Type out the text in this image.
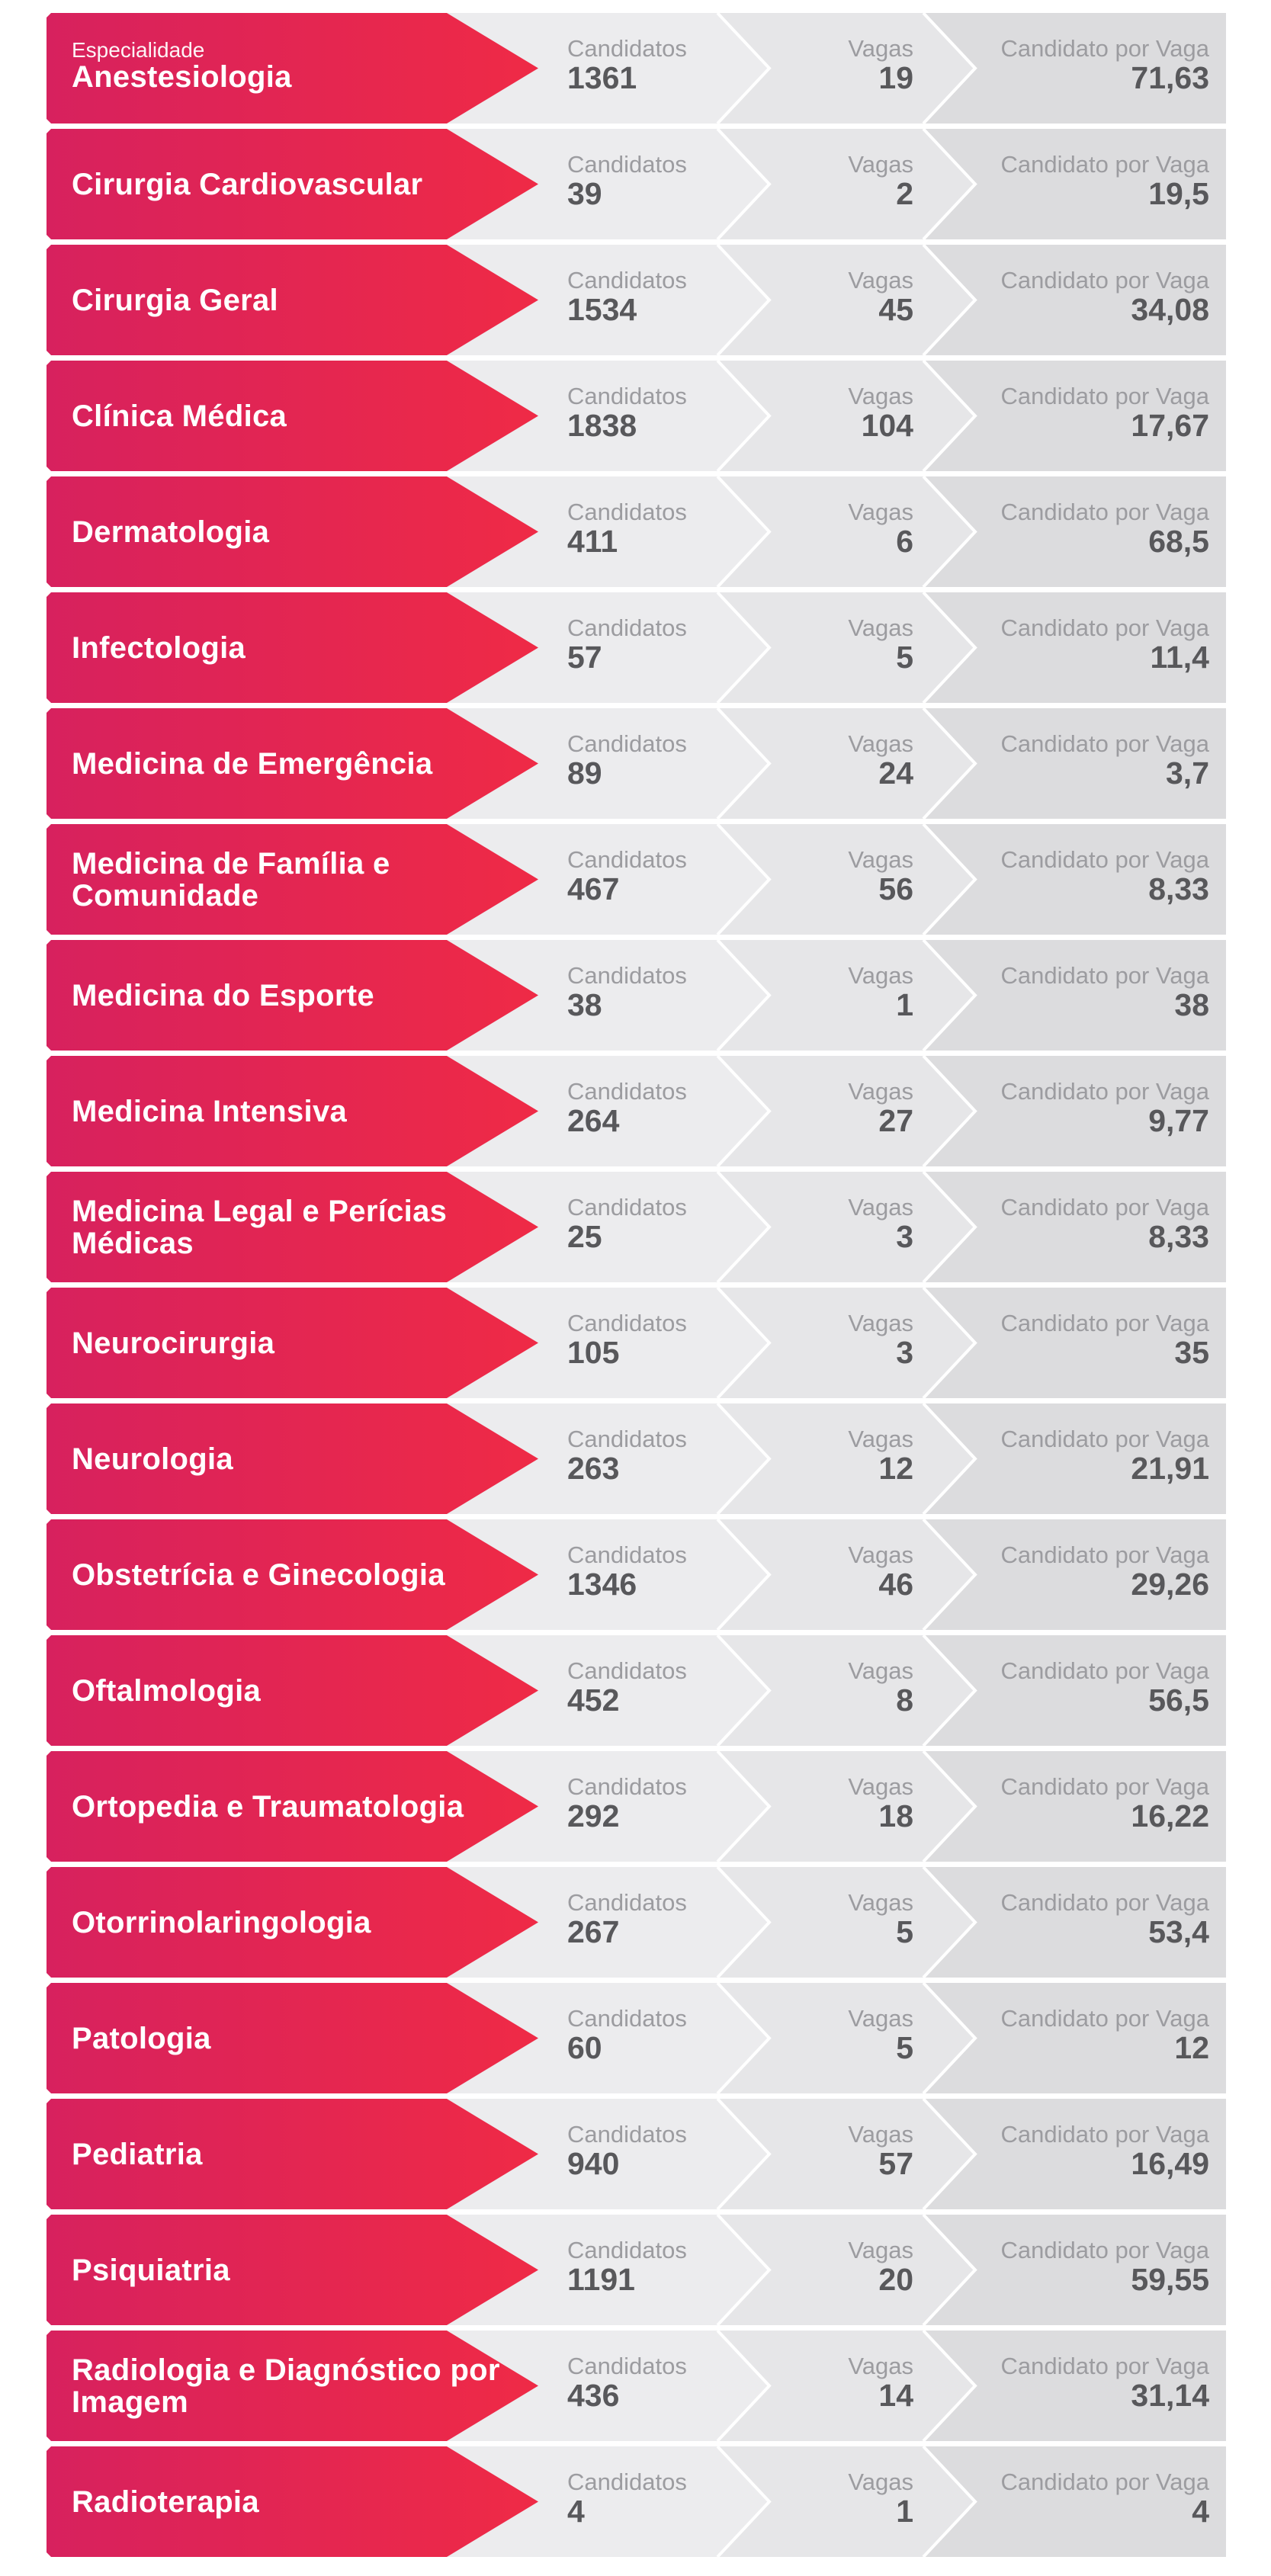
Especialidade
Anestesiologia
Candidatos
1361
Vagas
19
Candidato por Vaga
71,63
Cirurgia Cardiovascular
Candidatos
39
Vagas
2
Candidato por Vaga
19,5
Cirurgia Geral
Candidatos
1534
Vagas
45
Candidato por Vaga
34,08
Clínica Médica
Candidatos
1838
Vagas
104
Candidato por Vaga
17,67
Dermatologia
Candidatos
411
Vagas
6
Candidato por Vaga
68,5
Infectologia
Candidatos
57
Vagas
5
Candidato por Vaga
11,4
Medicina de Emergência
Candidatos
89
Vagas
24
Candidato por Vaga
3,7
Medicina de Família e Comunidade
Candidatos
467
Vagas
56
Candidato por Vaga
8,33
Medicina do Esporte
Candidatos
38
Vagas
1
Candidato por Vaga
38
Medicina Intensiva
Candidatos
264
Vagas
27
Candidato por Vaga
9,77
Medicina Legal e Perícias Médicas
Candidatos
25
Vagas
3
Candidato por Vaga
8,33
Neurocirurgia
Candidatos
105
Vagas
3
Candidato por Vaga
35
Neurologia
Candidatos
263
Vagas
12
Candidato por Vaga
21,91
Obstetrícia e Ginecologia
Candidatos
1346
Vagas
46
Candidato por Vaga
29,26
Oftalmologia
Candidatos
452
Vagas
8
Candidato por Vaga
56,5
Ortopedia e Traumatologia
Candidatos
292
Vagas
18
Candidato por Vaga
16,22
Otorrinolaringologia
Candidatos
267
Vagas
5
Candidato por Vaga
53,4
Patologia
Candidatos
60
Vagas
5
Candidato por Vaga
12
Pediatria
Candidatos
940
Vagas
57
Candidato por Vaga
16,49
Psiquiatria
Candidatos
1191
Vagas
20
Candidato por Vaga
59,55
Radiologia e Diagnóstico por Imagem
Candidatos
436
Vagas
14
Candidato por Vaga
31,14
Radioterapia
Candidatos
4
Vagas
1
Candidato por Vaga
4
